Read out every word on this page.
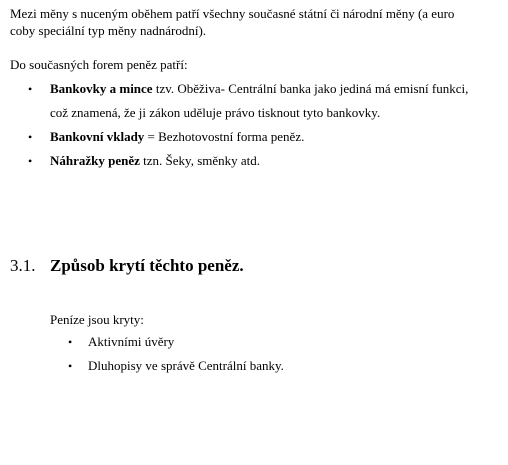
Mezi měny s nuceným oběhem patří všechny současné státní či národní měny (a euro
coby speciální typ měny nadnárodní).

Do současných forem peněz patří:

• Bankovky a mince tzv. Oběživa- Centrální banka jako jediná má emisní funkci,
což znamená, že ji zákon uděluje právo tisknout tyto bankovky.
• Bankovní vklady = Bezhotovostní forma peněz.
• Náhražky peněz tzn. Šeky, směnky atd.
3.1. Způsob krytí těchto peněz.

Peníze jsou kryty:

• Aktivními úvěry
• Dluhopisy ve správě Centrální banky.
